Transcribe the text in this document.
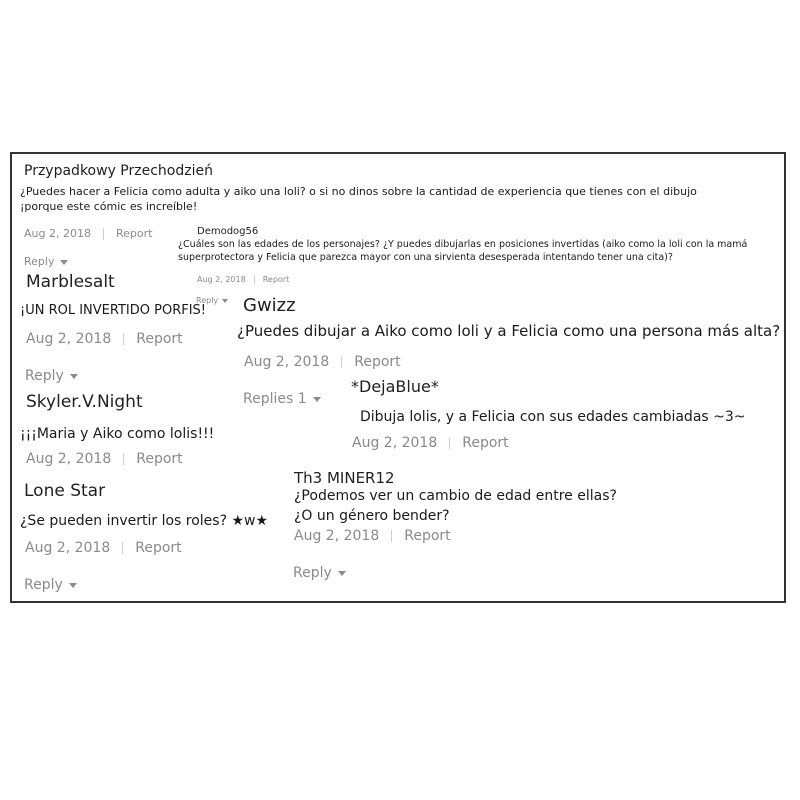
Przypadkowy Przechodzień
¿Puedes hacer a Felicia como adulta y aiko una loli? o si no dinos sobre la cantidad de experiencia que tienes con el dibujo
¡porque este cómic es increíble!
Aug 2, 2018 Report
Reply
Demodog56
¿Cuáles son las edades de los personajes? ¿Y puedes dibujarlas en posiciones invertidas (aiko como la loli con la mamá
superprotectora y Felicia que parezca mayor con una sirvienta desesperada intentando tener una cita)?
Aug 2, 2018 Report
Reply
Marblesalt
¡UN ROL INVERTIDO PORFIS!
Aug 2, 2018 Report
Reply
Gwizz
¿Puedes dibujar a Aiko como loli y a Felicia como una persona más alta?
Aug 2, 2018 Report
Replies 1
*DejaBlue*
Dibuja lolis, y a Felicia con sus edades cambiadas ~3~
Aug 2, 2018 Report
Skyler.V.Night
¡¡¡Maria y Aiko como lolis!!!
Aug 2, 2018 Report
Lone Star
¿Se pueden invertir los roles? ★w★
Aug 2, 2018 Report
Reply
Th3 MINER12
¿Podemos ver un cambio de edad entre ellas?
¿O un género bender?
Aug 2, 2018 Report
Reply
